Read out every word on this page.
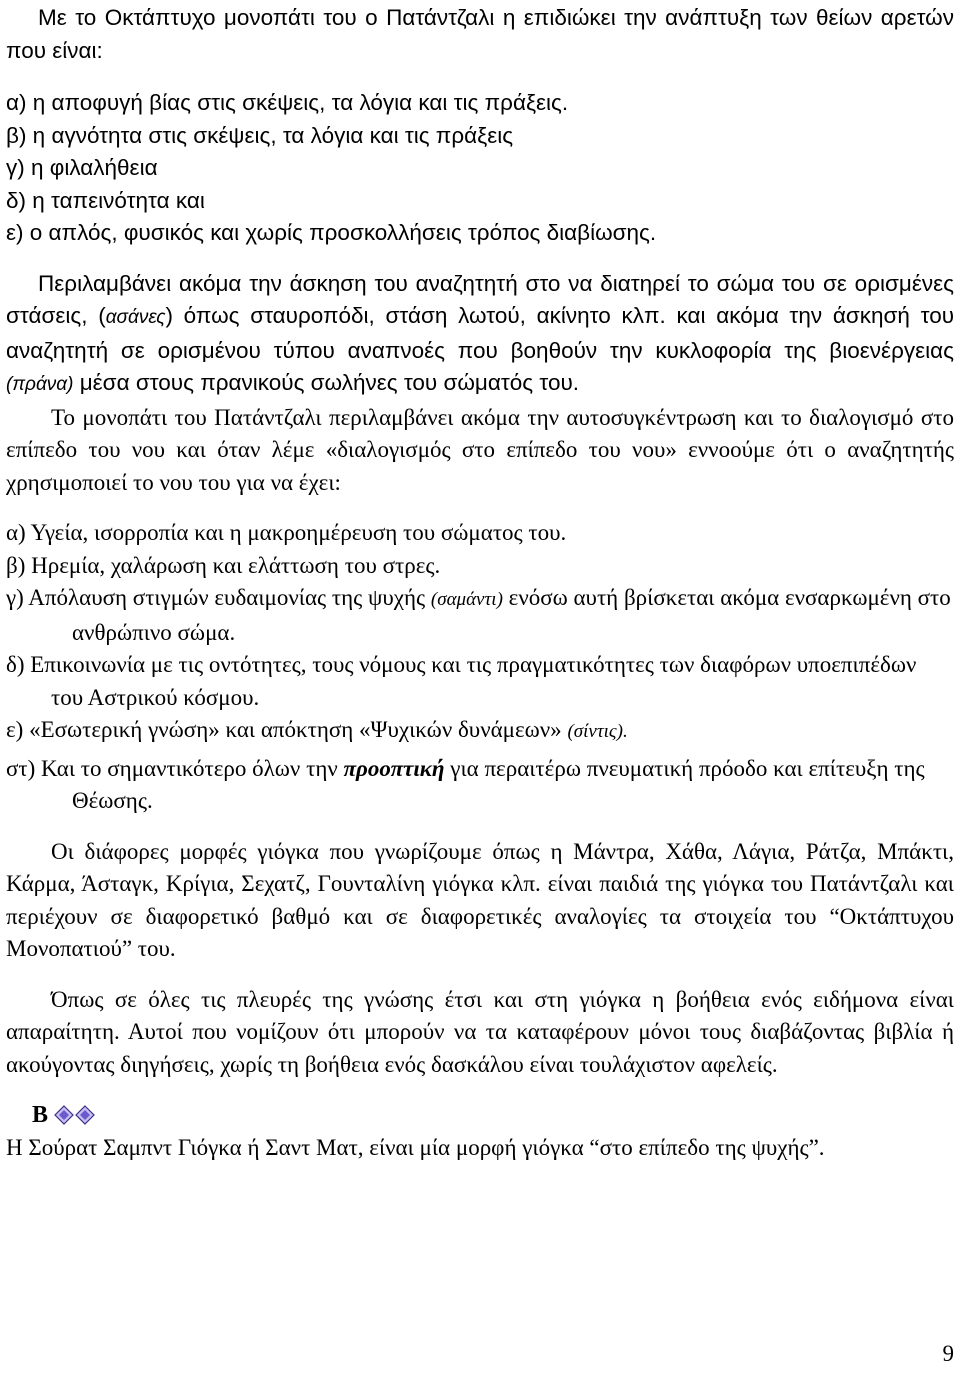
Με το Οκτάπτυχο μονοπάτι του ο Πατάντζαλι η επιδιώκει την ανάπτυξη των θείων αρετών που είναι:

α) η αποφυγή βίας στις σκέψεις, τα λόγια και τις πράξεις.
β) η αγνότητα στις σκέψεις, τα λόγια και τις πράξεις
γ) η φιλαλήθεια
δ) η ταπεινότητα και
ε) ο απλός, φυσικός και χωρίς προσκολλήσεις τρόπος διαβίωσης.

Περιλαμβάνει ακόμα την άσκηση του αναζητητή στο να διατηρεί το σώμα του σε ορισμένες στάσεις, (ασάνες) όπως σταυροπόδι, στάση λωτού, ακίνητο κλπ. και ακόμα την άσκησή του αναζητητή σε ορισμένου τύπου αναπνοές που βοηθούν την κυκλοφορία της βιοενέργειας (πράνα) μέσα στους πρανικούς σωλήνες του σώματός του.

Το μονοπάτι του Πατάντζαλι περιλαμβάνει ακόμα την αυτοσυγκέντρωση και το διαλογισμό στο επίπεδο του νου και όταν λέμε «διαλογισμός στο επίπεδο του νου» εννοούμε ότι ο αναζητητής χρησιμοποιεί το νου του για να έχει:

α) Υγεία, ισορροπία και η μακροημέρευση του σώματος του.
β) Ηρεμία, χαλάρωση και ελάττωση του στρες.
γ) Απόλαυση στιγμών ευδαιμονίας της ψυχής (σαμάντι) ενόσω αυτή βρίσκεται ακόμα ενσαρκωμένη στο ανθρώπινο σώμα.
δ) Επικοινωνία με τις οντότητες, τους νόμους και τις πραγματικότητες των διαφόρων υποεπιπέδων του Αστρικού κόσμου.
ε) «Εσωτερική γνώση» και απόκτηση «Ψυχικών δυνάμεων» (σίντις).
στ) Και το σημαντικότερο όλων την προοπτική για περαιτέρω πνευματική πρόοδο και επίτευξη της Θέωσης.

Οι διάφορες μορφές γιόγκα που γνωρίζουμε όπως η Μάντρα, Χάθα, Λάγια, Ράτζα, Μπάκτι, Κάρμα, Άσταγκ, Κρίγια, Σεχατζ, Γουνταλίνη γιόγκα κλπ. είναι παιδιά της γιόγκα του Πατάντζαλι και περιέχουν σε διαφορετικό βαθμό και σε διαφορετικές αναλογίες τα στοιχεία του “Οκτάπτυχου Μονοπατιού” του.

Όπως σε όλες τις πλευρές της γνώσης έτσι και στη γιόγκα η βοήθεια ενός ειδήμονα είναι απαραίτητη. Αυτοί που νομίζουν ότι μπορούν να τα καταφέρουν μόνοι τους διαβάζοντας βιβλία ή ακούγοντας διηγήσεις, χωρίς τη βοήθεια ενός δασκάλου είναι τουλάχιστον αφελείς.

Β

Η Σούρατ Σαμπντ Γιόγκα ή Σαντ Ματ, είναι μία μορφή γιόγκα “στο επίπεδο της ψυχής”.

9
